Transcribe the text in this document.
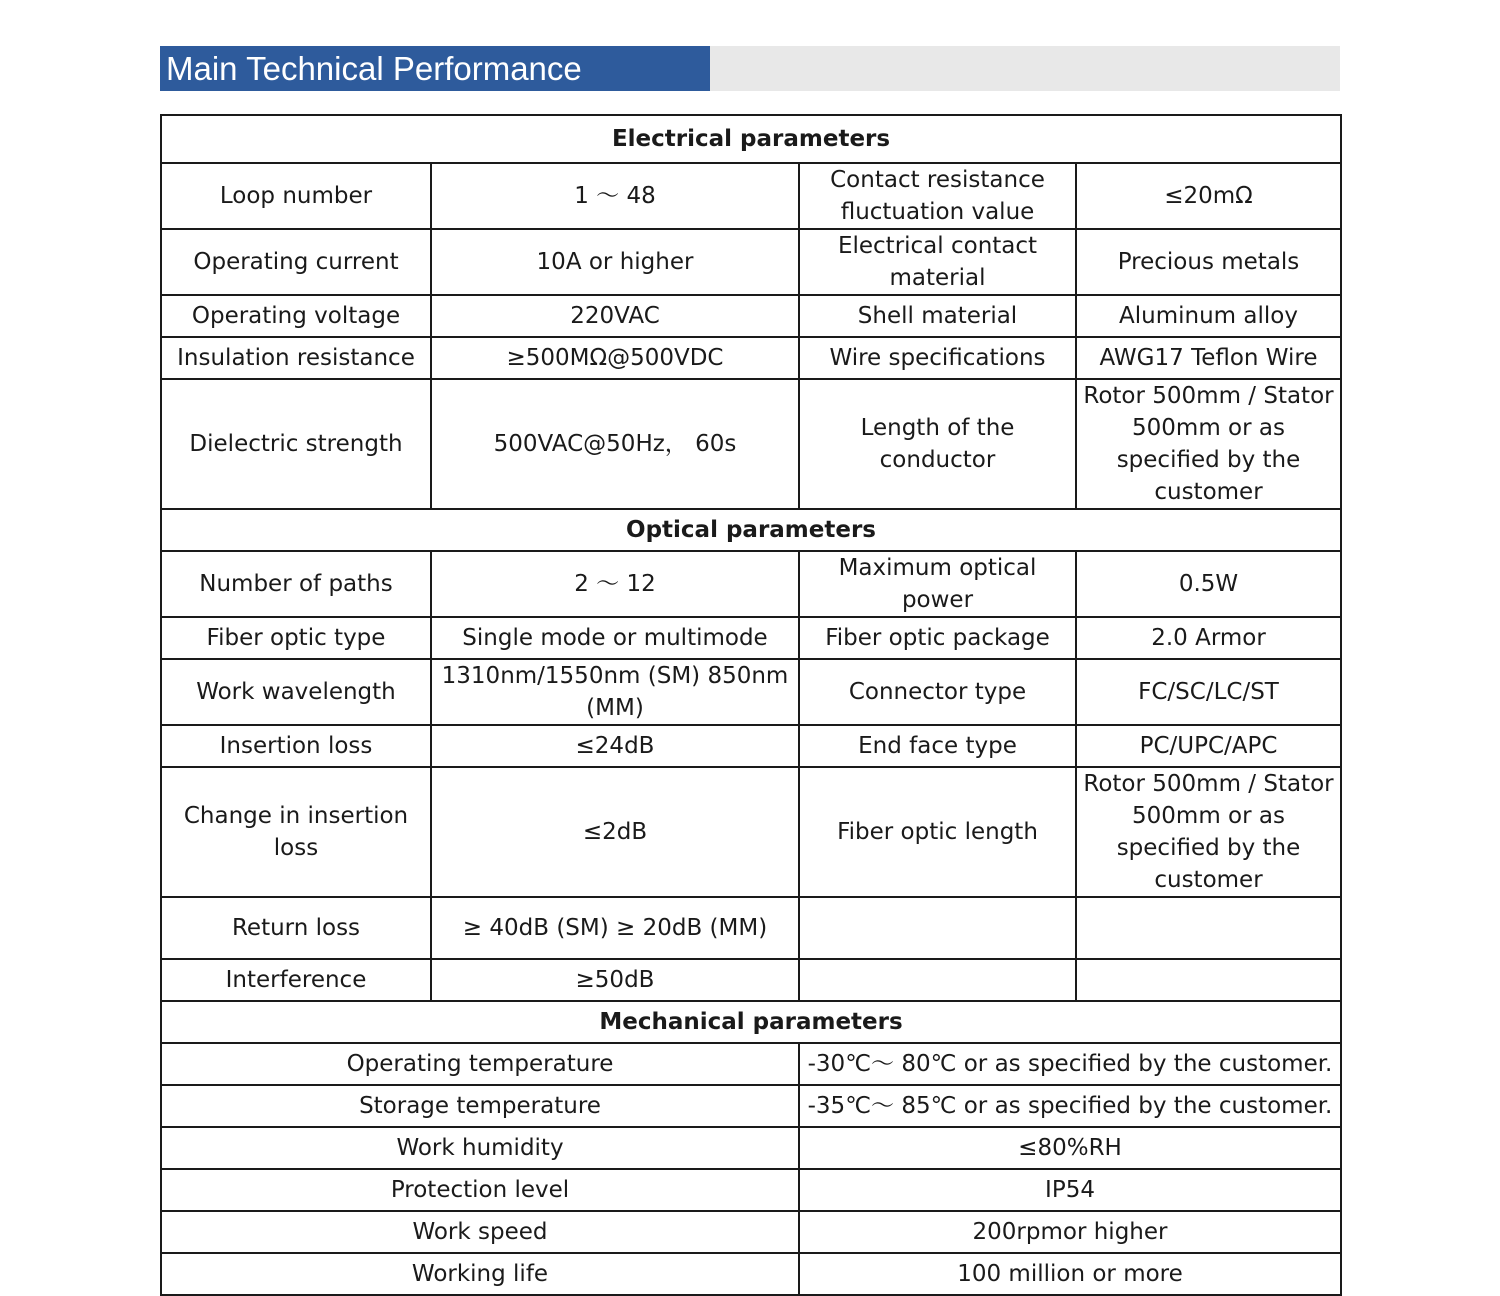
Main Technical Performance
Electrical parameters			
Loop number	1 ～ 48	Contact resistance fluctuation value	≤20mΩ
Operating current	10A or higher	Electrical contact material	Precious metals
Operating voltage	220VAC	Shell material	Aluminum alloy
Insulation resistance	≥500MΩ@500VDC	Wire specifications	AWG17 Teflon Wire
Dielectric strength	500VAC@50Hz， 60s	Length of the conductor	Rotor 500mm / Stator 500mm or as specified by the customer
Optical parameters			
Number of paths	2 ～ 12	Maximum optical power	0.5W
Fiber optic type	Single mode or multimode	Fiber optic package	2.0 Armor
Work wavelength	1310nm/1550nm (SM) 850nm (MM)	Connector type	FC/SC/LC/ST
Insertion loss	≤24dB	End face type	PC/UPC/APC
Change in insertion loss	≤2dB	Fiber optic length	Rotor 500mm / Stator 500mm or as specified by the customer
Return loss	≥ 40dB (SM) ≥ 20dB (MM)		
Interference	≥50dB		
Mechanical parameters			
Operating temperature		-30℃～ 80℃ or as specified by the customer.	
Storage temperature		-35℃～ 85℃ or as specified by the customer.	
Work humidity		≤80%RH	
Protection level		IP54	
Work speed		200rpmor higher	
Working life		100 million or more	
